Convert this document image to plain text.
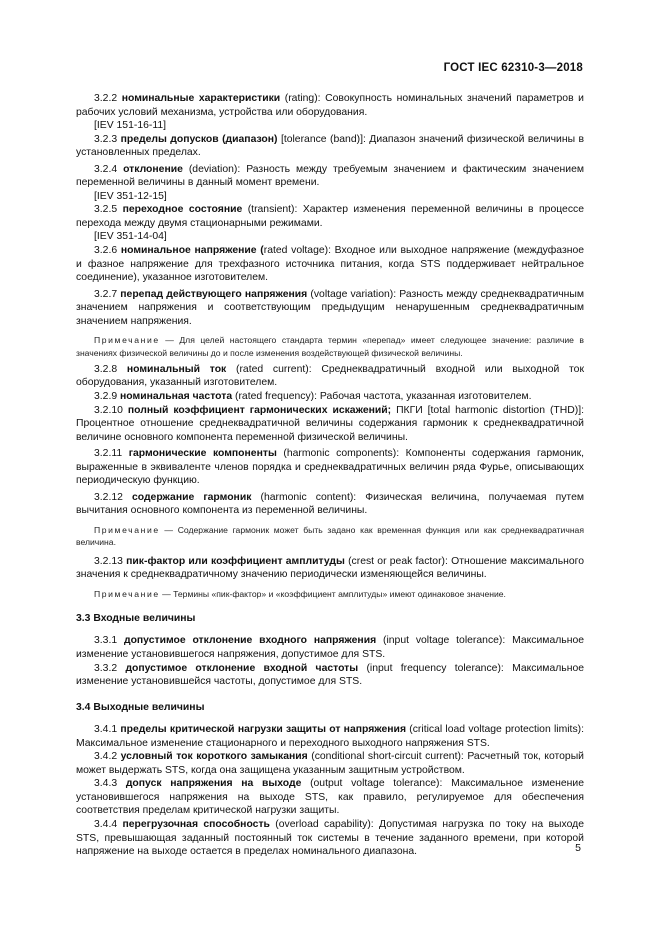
ГОСТ IEC 62310-3—2018

3.2.2 номинальные характеристики (rating): Совокупность номинальных значений параметров и рабочих условий механизма, устройства или оборудования.

[IEV 151-16-11]

3.2.3 пределы допусков (диапазон) [tolerance (band)]: Диапазон значений физической величины в установленных пределах.

3.2.4 отклонение (deviation): Разность между требуемым значением и фактическим значением переменной величины в данный момент времени.

[IEV 351-12-15]

3.2.5 переходное состояние (transient): Характер изменения переменной величины в процессе перехода между двумя стационарными режимами.

[IEV 351-14-04]

3.2.6 номинальное напряжение (rated voltage): Входное или выходное напряжение (междуфазное и фазное напряжение для трехфазного источника питания, когда STS поддерживает нейтральное соединение), указанное изготовителем.

3.2.7 перепад действующего напряжения (voltage variation): Разность между среднеквадратичным значением напряжения и соответствующим предыдущим ненарушенным среднеквадратичным значением напряжения.

Примечание — Для целей настоящего стандарта термин «перепад» имеет следующее значение: различие в значениях физической величины до и после изменения воздействующей физической величины.

3.2.8 номинальный ток (rated current): Среднеквадратичный входной или выходной ток оборудования, указанный изготовителем.

3.2.9 номинальная частота (rated frequency): Рабочая частота, указанная изготовителем.

3.2.10 полный коэффициент гармонических искажений; ПКГИ [total harmonic distortion (THD)]: Процентное отношение среднеквадратичной величины содержания гармоник к среднеквадратичной величине основного компонента переменной физической величины.

3.2.11 гармонические компоненты (harmonic components): Компоненты содержания гармоник, выраженные в эквиваленте членов порядка и среднеквадратичных величин ряда Фурье, описывающих периодическую функцию.

3.2.12 содержание гармоник (harmonic content): Физическая величина, получаемая путем вычитания основного компонента из переменной величины.

Примечание — Содержание гармоник может быть задано как временная функция или как среднеквадратичная величина.

3.2.13 пик-фактор или коэффициент амплитуды (crest or peak factor): Отношение максимального значения к среднеквадратичному значению периодически изменяющейся величины.

Примечание — Термины «пик-фактор» и «коэффициент амплитуды» имеют одинаковое значение.

3.3 Входные величины

3.3.1 допустимое отклонение входного напряжения (input voltage tolerance): Максимальное изменение установившегося напряжения, допустимое для STS.

3.3.2 допустимое отклонение входной частоты (input frequency tolerance): Максимальное изменение установившейся частоты, допустимое для STS.

3.4 Выходные величины

3.4.1 пределы критической нагрузки защиты от напряжения (critical load voltage protection limits): Максимальное изменение стационарного и переходного выходного напряжения STS.

3.4.2 условный ток короткого замыкания (conditional short-circuit current): Расчетный ток, который может выдержать STS, когда она защищена указанным защитным устройством.

3.4.3 допуск напряжения на выходе (output voltage tolerance): Максимальное изменение установившегося напряжения на выходе STS, как правило, регулируемое для обеспечения соответствия пределам критической нагрузки защиты.

3.4.4 перегрузочная способность (overload capability): Допустимая нагрузка по току на выходе STS, превышающая заданный постоянный ток системы в течение заданного времени, при которой напряжение на выходе остается в пределах номинального диапазона.	5
